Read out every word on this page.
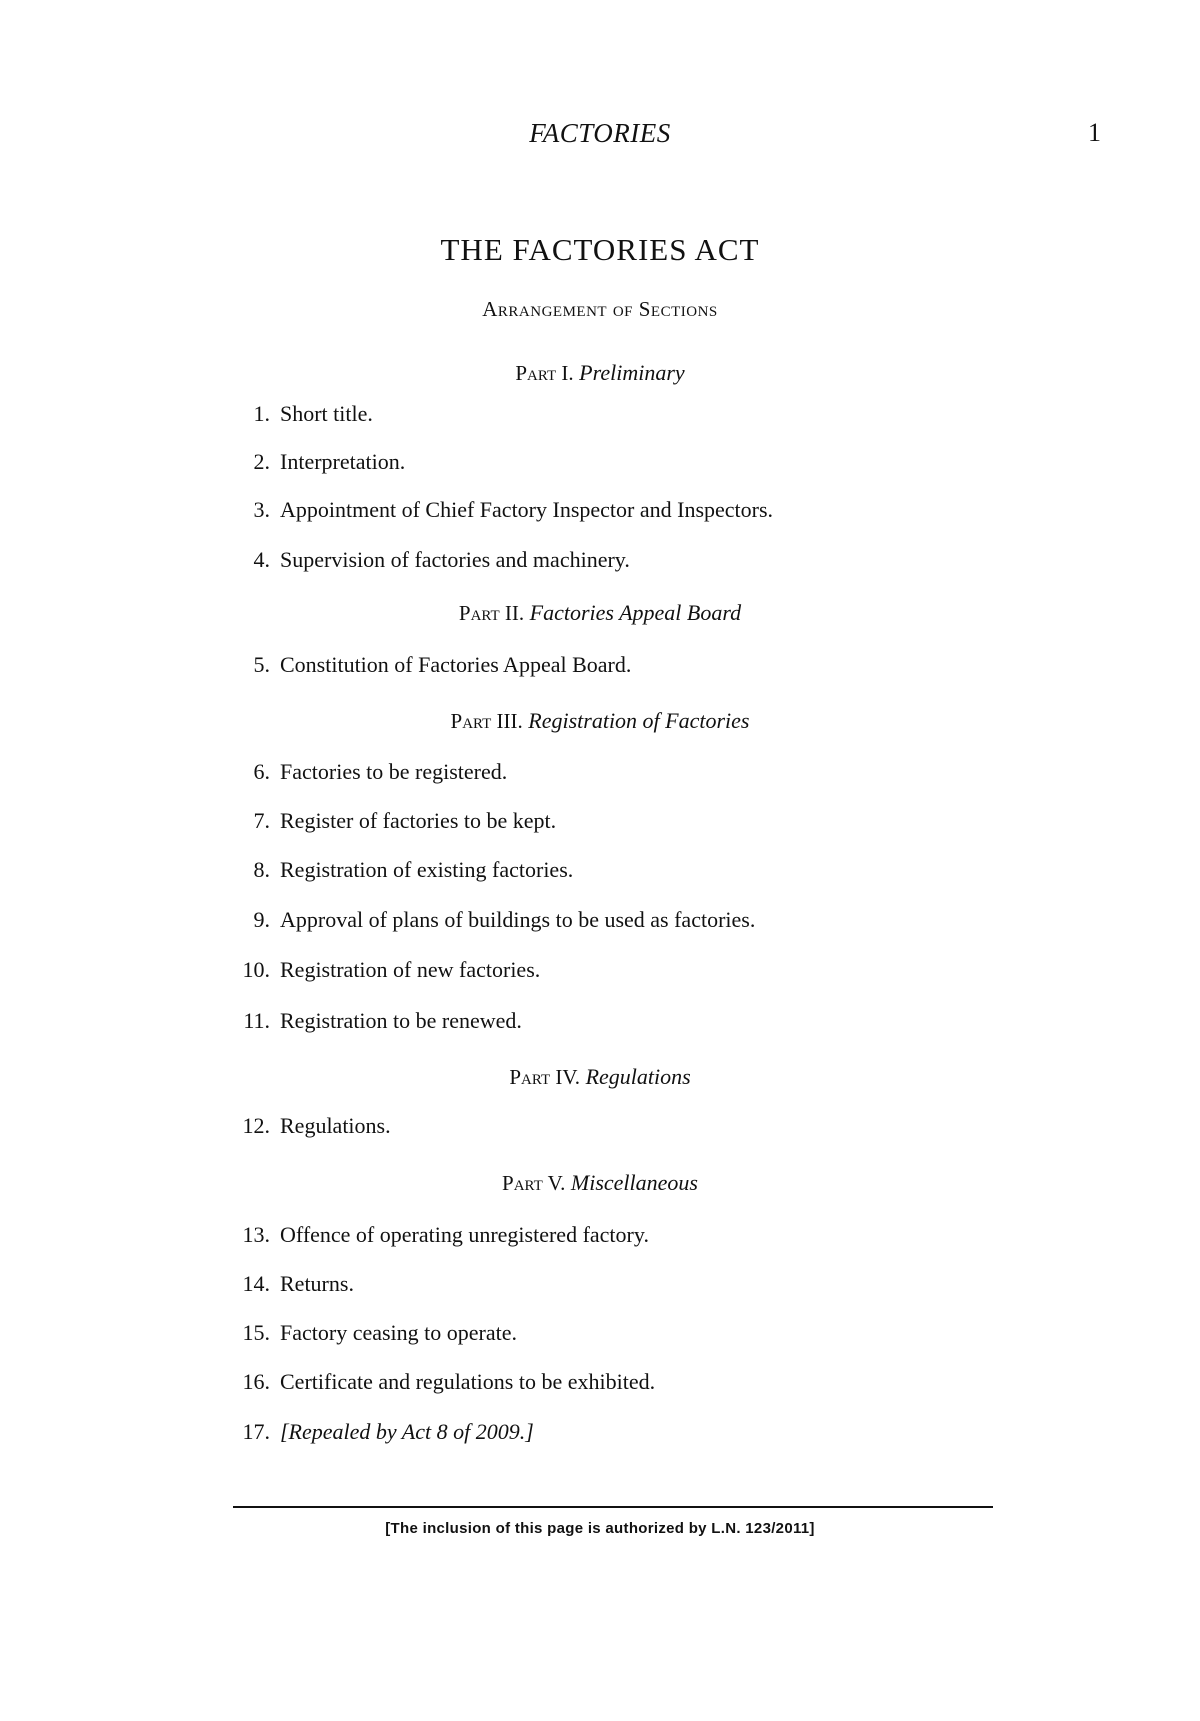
FACTORIES	1
THE FACTORIES ACT
Arrangement of Sections
Part I. Preliminary
1. Short title.
2. Interpretation.
3. Appointment of Chief Factory Inspector and Inspectors.
4. Supervision of factories and machinery.
Part II. Factories Appeal Board
5. Constitution of Factories Appeal Board.
Part III. Registration of Factories
6. Factories to be registered.
7. Register of factories to be kept.
8. Registration of existing factories.
9. Approval of plans of buildings to be used as factories.
10. Registration of new factories.
11. Registration to be renewed.
Part IV. Regulations
12. Regulations.
Part V. Miscellaneous
13. Offence of operating unregistered factory.
14. Returns.
15. Factory ceasing to operate.
16. Certificate and regulations to be exhibited.
17. [Repealed by Act 8 of 2009.]
[The inclusion of this page is authorized by L.N. 123/2011]
